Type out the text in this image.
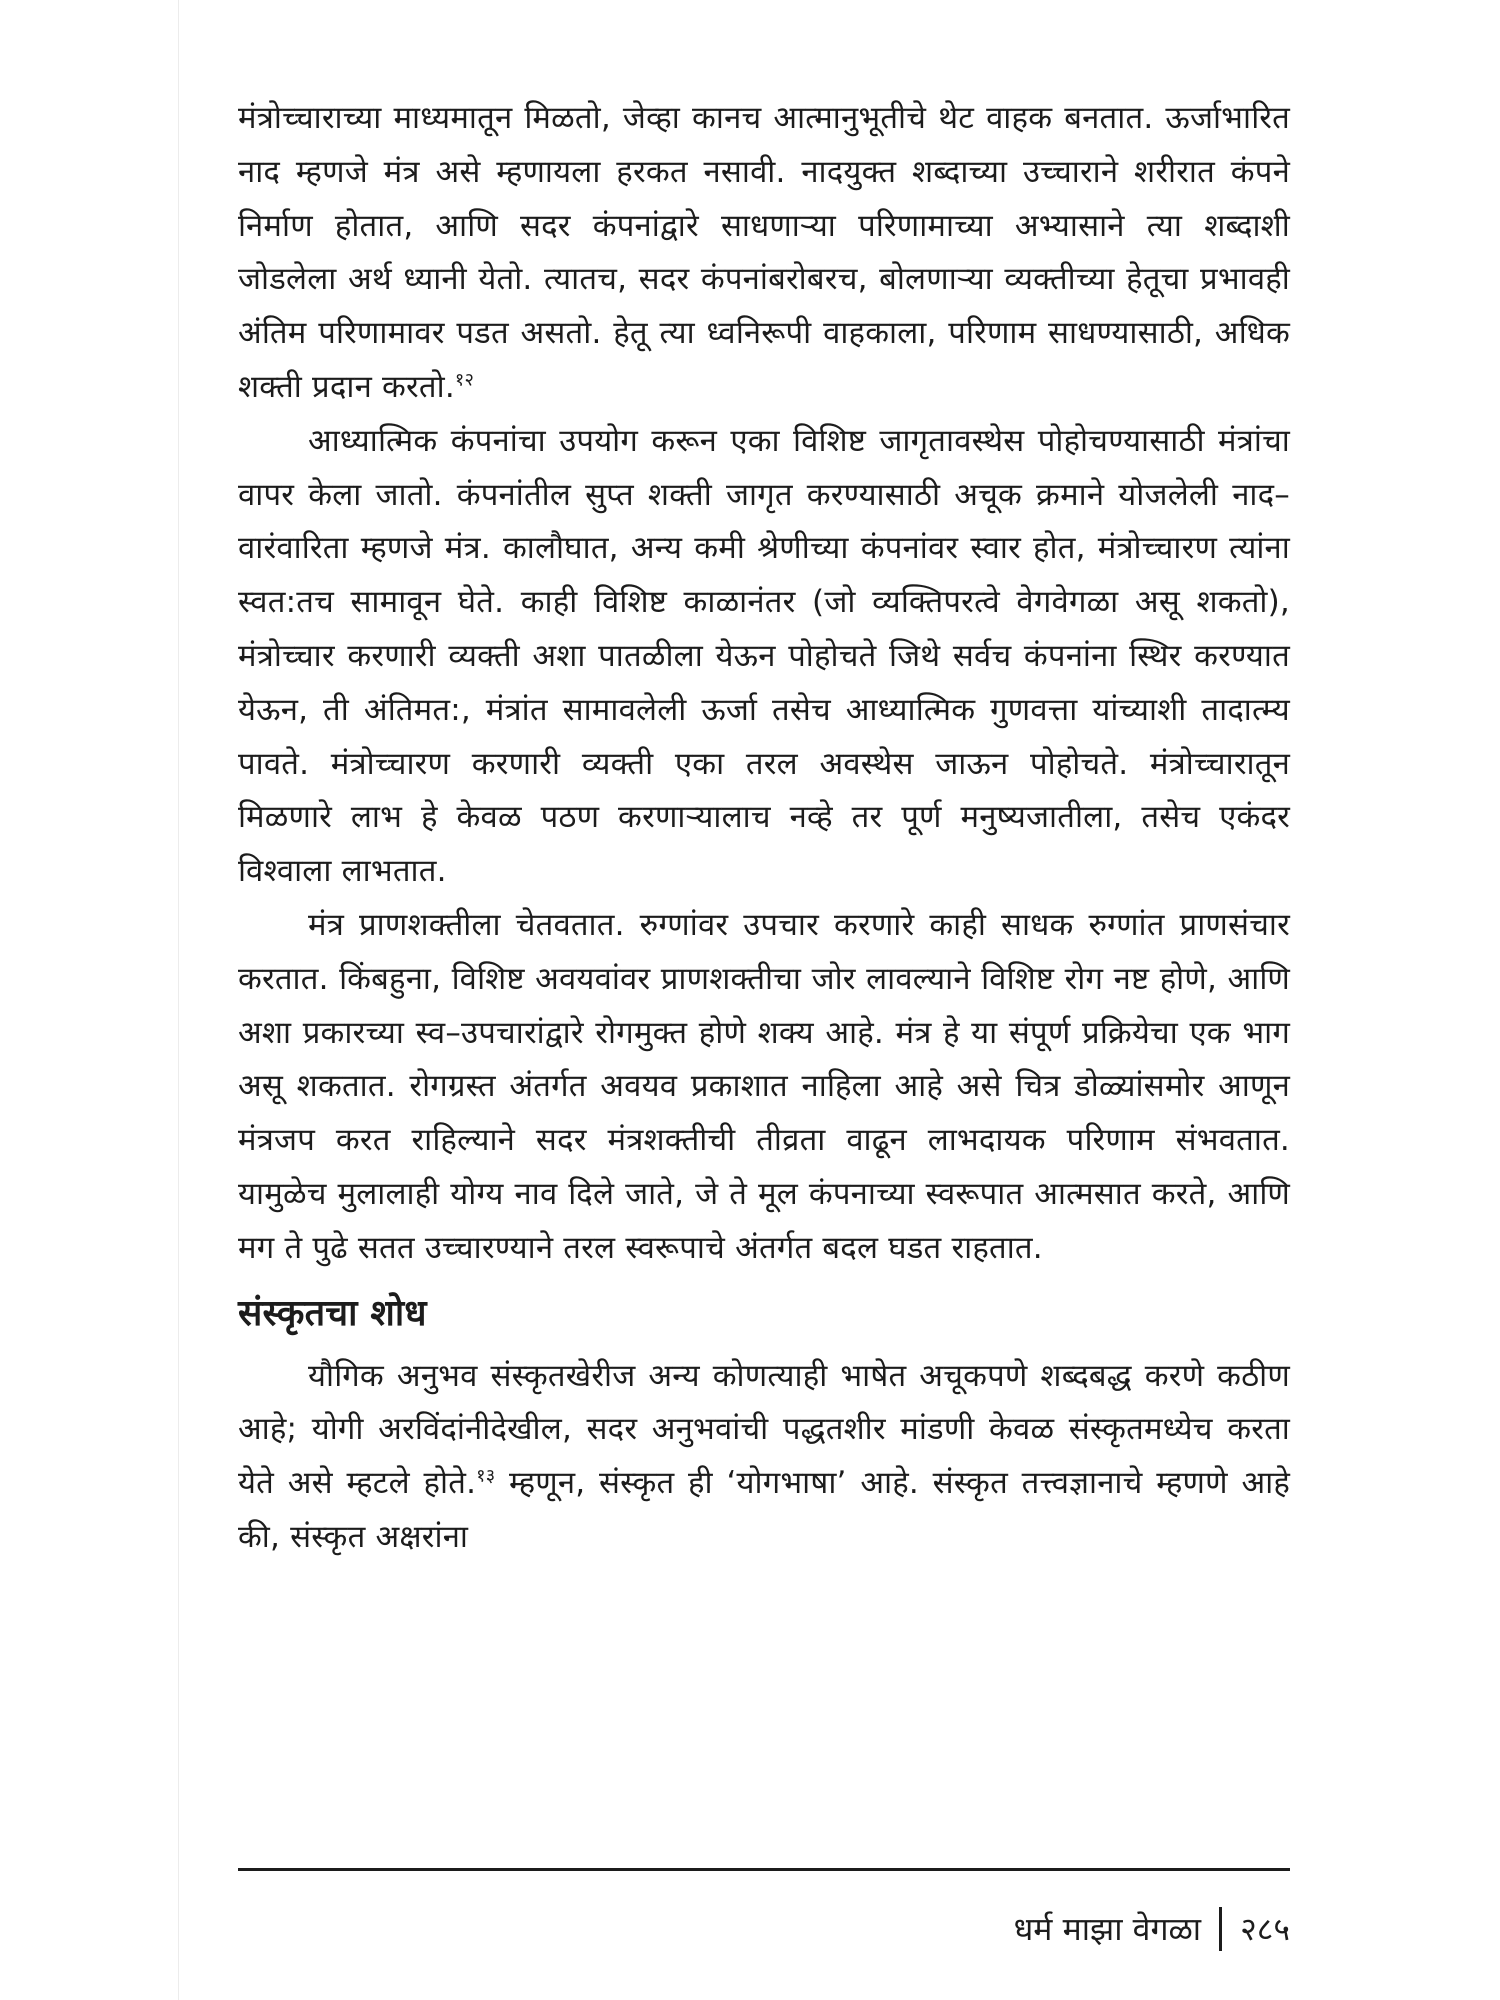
मंत्रोच्चाराच्या माध्यमातून मिळतो, जेव्हा कानच आत्मानुभूतीचे थेट वाहक बनतात. ऊर्जाभारित नाद म्हणजे मंत्र असे म्हणायला हरकत नसावी. नादयुक्त शब्दाच्या उच्चाराने शरीरात कंपने निर्माण होतात, आणि सदर कंपनांद्वारे साधणाऱ्या परिणामाच्या अभ्यासाने त्या शब्दाशी जोडलेला अर्थ ध्यानी येतो. त्यातच, सदर कंपनांबरोबरच, बोलणाऱ्या व्यक्तीच्या हेतूचा प्रभावही अंतिम परिणामावर पडत असतो. हेतू त्या ध्वनिरूपी वाहकाला, परिणाम साधण्यासाठी, अधिक शक्ती प्रदान करतो.$^{१२}$

आध्यात्मिक कंपनांचा उपयोग करून एका विशिष्ट जागृतावस्थेस पोहोचण्यासाठी मंत्रांचा वापर केला जातो. कंपनांतील सुप्त शक्ती जागृत करण्यासाठी अचूक क्रमाने योजलेली नाद–वारंवारिता म्हणजे मंत्र. कालौघात, अन्य कमी श्रेणीच्या कंपनांवर स्वार होत, मंत्रोच्चारण त्यांना स्वत:तच सामावून घेते. काही विशिष्ट काळानंतर (जो व्यक्तिपरत्वे वेगवेगळा असू शकतो), मंत्रोच्चार करणारी व्यक्ती अशा पातळीला येऊन पोहोचते जिथे सर्वच कंपनांना स्थिर करण्यात येऊन, ती अंतिमत:, मंत्रांत सामावलेली ऊर्जा तसेच आध्यात्मिक गुणवत्ता यांच्याशी तादात्म्य पावते. मंत्रोच्चारण करणारी व्यक्ती एका तरल अवस्थेस जाऊन पोहोचते. मंत्रोच्चारातून मिळणारे लाभ हे केवळ पठण करणाऱ्यालाच नव्हे तर पूर्ण मनुष्यजातीला, तसेच एकंदर विश्वाला लाभतात.

मंत्र प्राणशक्तीला चेतवतात. रुग्णांवर उपचार करणारे काही साधक रुग्णांत प्राणसंचार करतात. किंबहुना, विशिष्ट अवयवांवर प्राणशक्तीचा जोर लावल्याने विशिष्ट रोग नष्ट होणे, आणि अशा प्रकारच्या स्व–उपचारांद्वारे रोगमुक्त होणे शक्य आहे. मंत्र हे या संपूर्ण प्रक्रियेचा एक भाग असू शकतात. रोगग्रस्त अंतर्गत अवयव प्रकाशात नाहिला आहे असे चित्र डोळ्यांसमोर आणून मंत्रजप करत राहिल्याने सदर मंत्रशक्तीची तीव्रता वाढून लाभदायक परिणाम संभवतात. यामुळेच मुलालाही योग्य नाव दिले जाते, जे ते मूल कंपनाच्या स्वरूपात आत्मसात करते, आणि मग ते पुढे सतत उच्चारण्याने तरल स्वरूपाचे अंतर्गत बदल घडत राहतात.

संस्कृतचा शोध

यौगिक अनुभव संस्कृतखेरीज अन्य कोणत्याही भाषेत अचूकपणे शब्दबद्ध करणे कठीण आहे; योगी अरविंदांनीदेखील, सदर अनुभवांची पद्धतशीर मांडणी केवळ संस्कृतमध्येच करता येते असे म्हटले होते.$^{१३}$ म्हणून, संस्कृत ही ‘योगभाषा’ आहे. संस्कृत तत्त्वज्ञानाचे म्हणणे आहे की, संस्कृत अक्षरांना

धर्म माझा वेगळा २८५
